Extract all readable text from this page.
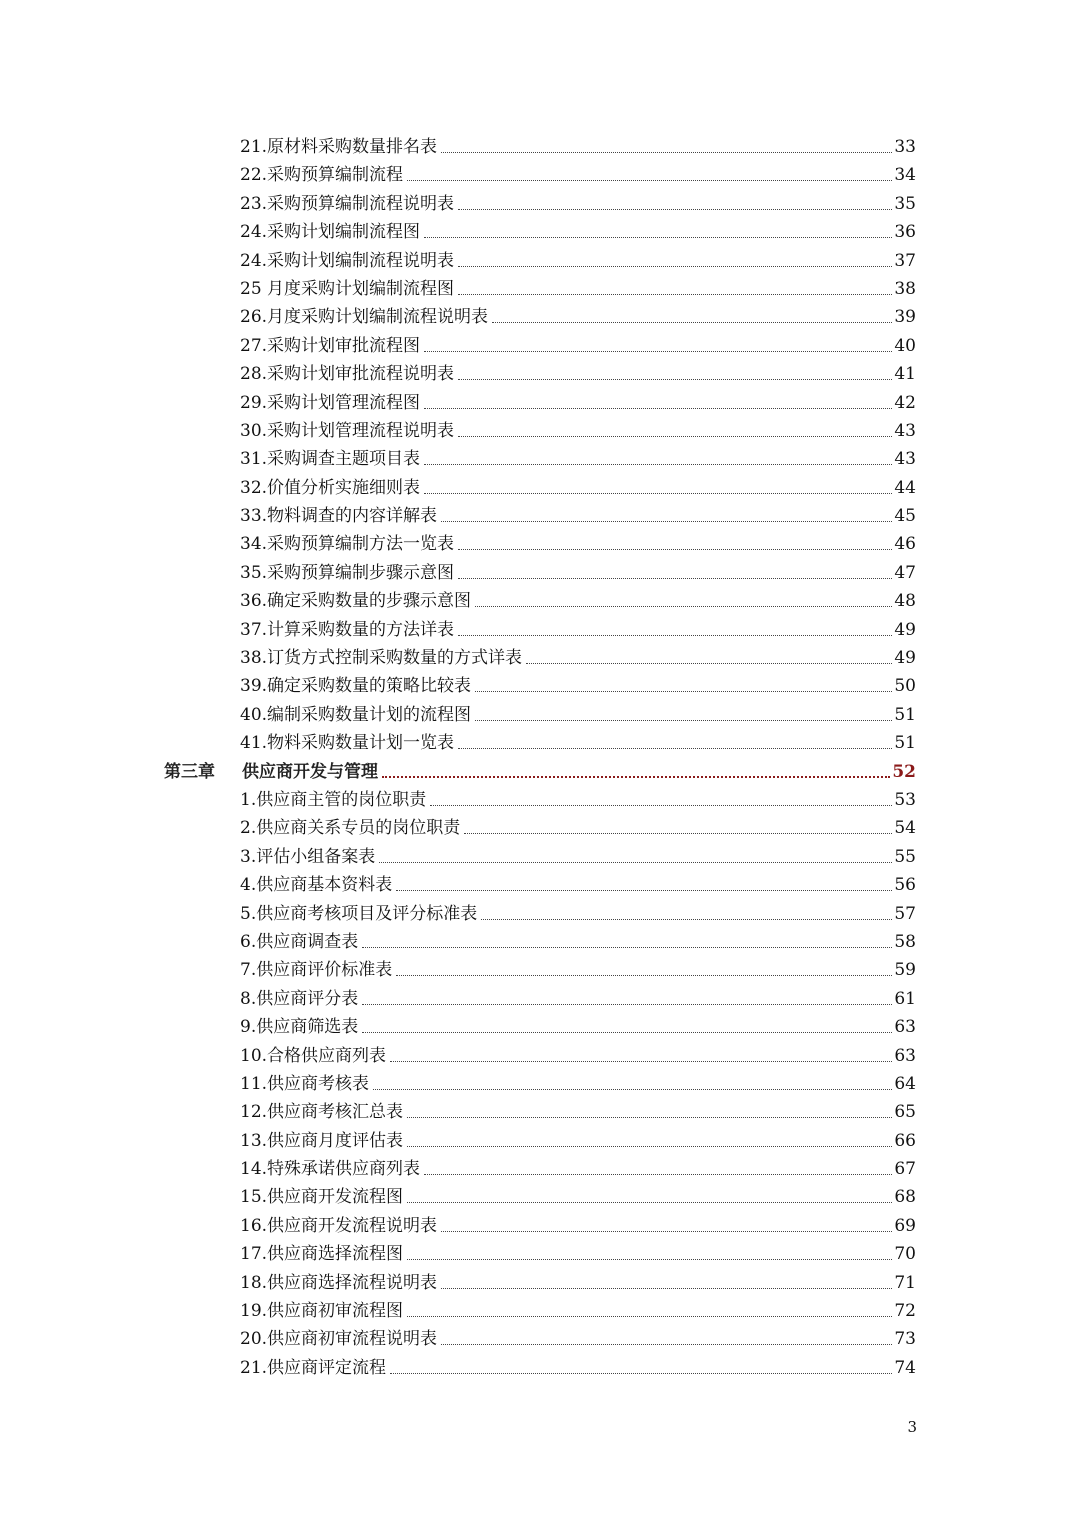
21.原材料采购数量排名表	33
22.采购预算编制流程	34
23.采购预算编制流程说明表	35
24.采购计划编制流程图	36
24.采购计划编制流程说明表	37
25 月度采购计划编制流程图	38
26.月度采购计划编制流程说明表	39
27.采购计划审批流程图	40
28.采购计划审批流程说明表	41
29.采购计划管理流程图	42
30.采购计划管理流程说明表	43
31.采购调查主题项目表	43
32.价值分析实施细则表	44
33.物料调查的内容详解表	45
34.采购预算编制方法一览表	46
35.采购预算编制步骤示意图	47
36.确定采购数量的步骤示意图	48
37.计算采购数量的方法详表	49
38.订货方式控制采购数量的方式详表	49
39.确定采购数量的策略比较表	50
40.编制采购数量计划的流程图	51
41.物料采购数量计划一览表	51
第三章 供应商开发与管理	52
1.供应商主管的岗位职责	53
2.供应商关系专员的岗位职责	54
3.评估小组备案表	55
4.供应商基本资料表	56
5.供应商考核项目及评分标准表	57
6.供应商调查表	58
7.供应商评价标准表	59
8.供应商评分表	61
9.供应商筛选表	63
10.合格供应商列表	63
11.供应商考核表	64
12.供应商考核汇总表	65
13.供应商月度评估表	66
14.特殊承诺供应商列表	67
15.供应商开发流程图	68
16.供应商开发流程说明表	69
17.供应商选择流程图	70
18.供应商选择流程说明表	71
19.供应商初审流程图	72
20.供应商初审流程说明表	73
21.供应商评定流程	74
3
